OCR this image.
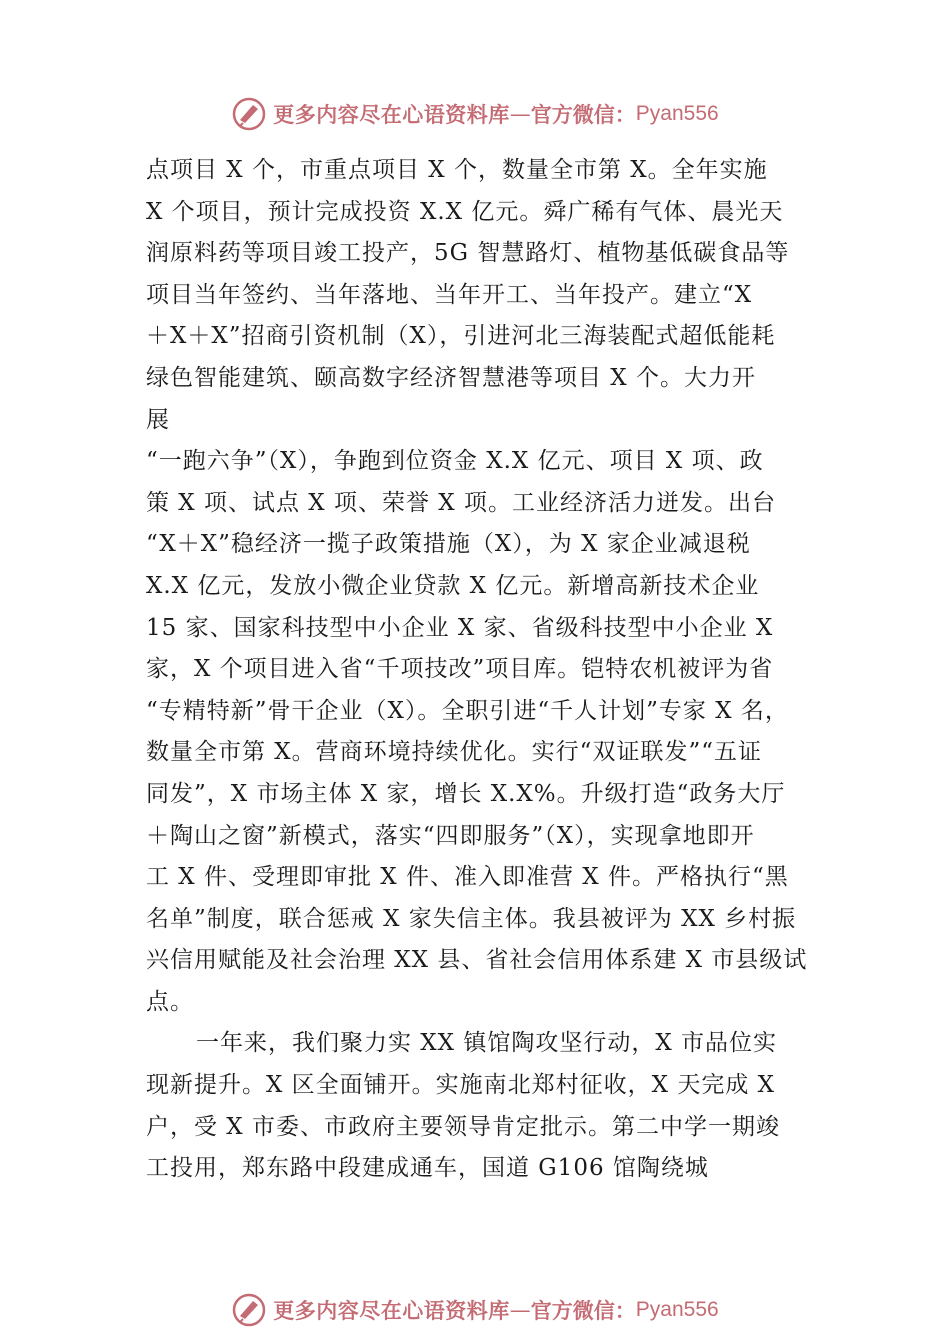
更多内容尽在心语资料库 — 官方微信： Pyan556
点项目 X 个，市重点项目 X 个，数量全市第 X。全年实施
X 个项目，预计完成投资 X.X 亿元。舜广稀有气体、晨光天
润原料药等项目竣工投产，5G 智慧路灯、植物基低碳食品等
项目当年签约、当年落地、当年开工、当年投产。建立“X
＋X＋X”招商引资机制（X），引进河北三海装配式超低能耗
绿色智能建筑、颐高数字经济智慧港等项目 X 个。大力开
展
“一跑六争”（X），争跑到位资金 X.X 亿元、项目 X 项、政
策 X 项、试点 X 项、荣誉 X 项。工业经济活力迸发。出台
“X＋X”稳经济一揽子政策措施（X），为 X 家企业减退税
X.X 亿元，发放小微企业贷款 X 亿元。新增高新技术企业
15 家、国家科技型中小企业 X 家、省级科技型中小企业 X
家，X 个项目进入省“千项技改”项目库。铠特农机被评为省
“专精特新”骨干企业（X）。全职引进“千人计划”专家 X 名，
数量全市第 X。营商环境持续优化。实行“双证联发”“五证
同发”，X 市场主体 X 家，增长 X.X%。升级打造“政务大厅
＋陶山之窗”新模式，落实“四即服务”（X），实现拿地即开
工 X 件、受理即审批 X 件、准入即准营 X 件。严格执行“黑
名单”制度，联合惩戒 X 家失信主体。我县被评为 XX 乡村振
兴信用赋能及社会治理 XX 县、省社会信用体系建 X 市县级试
点。
一年来，我们聚力实 XX 镇馆陶攻坚行动，X 市品位实
现新提升。X 区全面铺开。实施南北郑村征收，X 天完成 X
户，受 X 市委、市政府主要领导肯定批示。第二中学一期竣
工投用，郑东路中段建成通车，国道 G106 馆陶绕城
更多内容尽在心语资料库 — 官方微信： Pyan556
